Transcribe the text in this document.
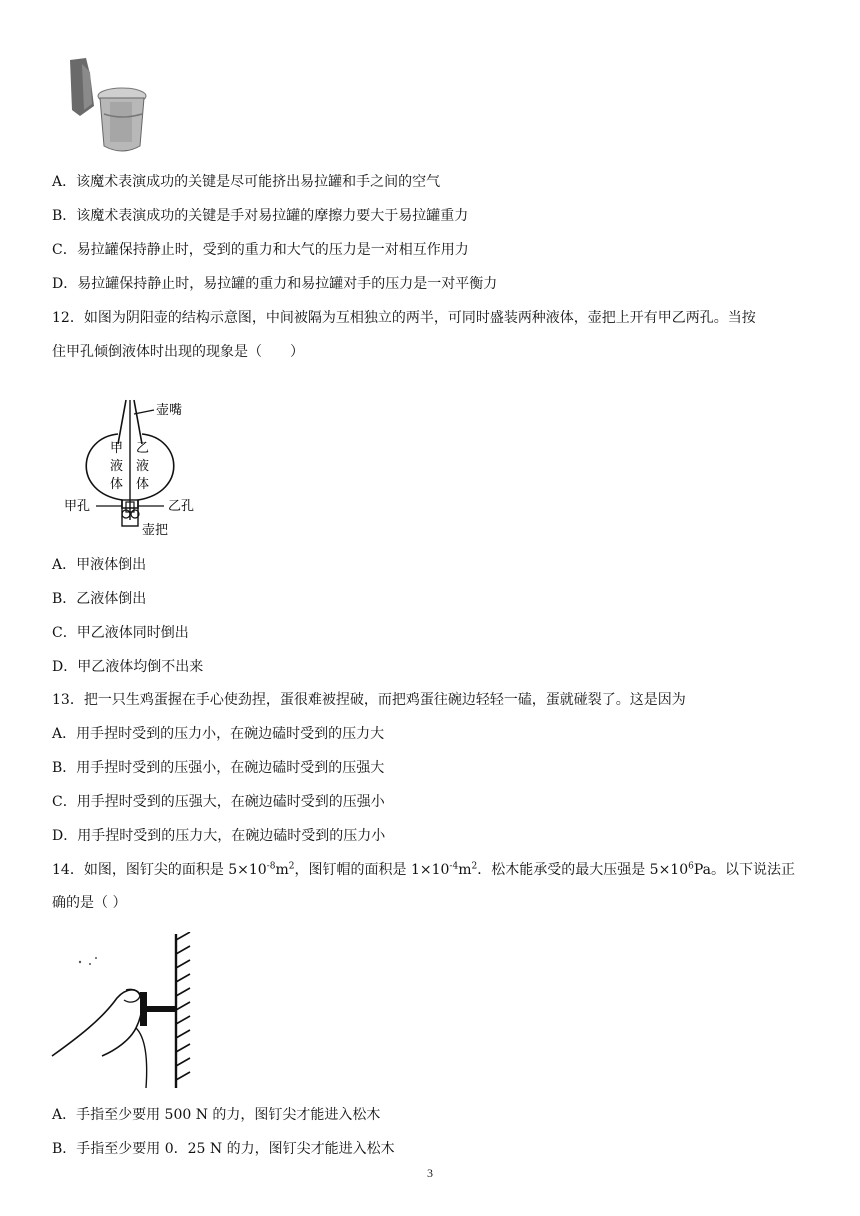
A．该魔术表演成功的关键是尽可能挤出易拉罐和手之间的空气
B．该魔术表演成功的关键是手对易拉罐的摩擦力要大于易拉罐重力
C．易拉罐保持静止时，受到的重力和大气的压力是一对相互作用力
D．易拉罐保持静止时，易拉罐的重力和易拉罐对手的压力是一对平衡力
12．如图为阴阳壶的结构示意图，中间被隔为互相独立的两半，可同时盛装两种液体，壶把上开有甲乙两孔。当按
住甲孔倾倒液体时出现的现象是（　　）
壶嘴
甲
液
体
乙
液
体
甲孔	乙孔
壶把
A．甲液体倒出
B．乙液体倒出
C．甲乙液体同时倒出
D．甲乙液体均倒不出来
13．把一只生鸡蛋握在手心使劲捏，蛋很难被捏破，而把鸡蛋往碗边轻轻一磕，蛋就碰裂了。这是因为
A．用手捏时受到的压力小，在碗边磕时受到的压力大
B．用手捏时受到的压强小，在碗边磕时受到的压强大
C．用手捏时受到的压强大，在碗边磕时受到的压强小
D．用手捏时受到的压力大，在碗边磕时受到的压力小
14．如图，图钉尖的面积是 $5\times 10^{-8}m^2$，图钉帽的面积是 $1\times 10^{-4}m^2$．松木能承受的最大压强是 $5\times 10^6Pa$。以下说法正
确的是（ ）
A．手指至少要用 500 N 的力，图钉尖才能进入松木
B．手指至少要用 0．25 N 的力，图钉尖才能进入松木
3
